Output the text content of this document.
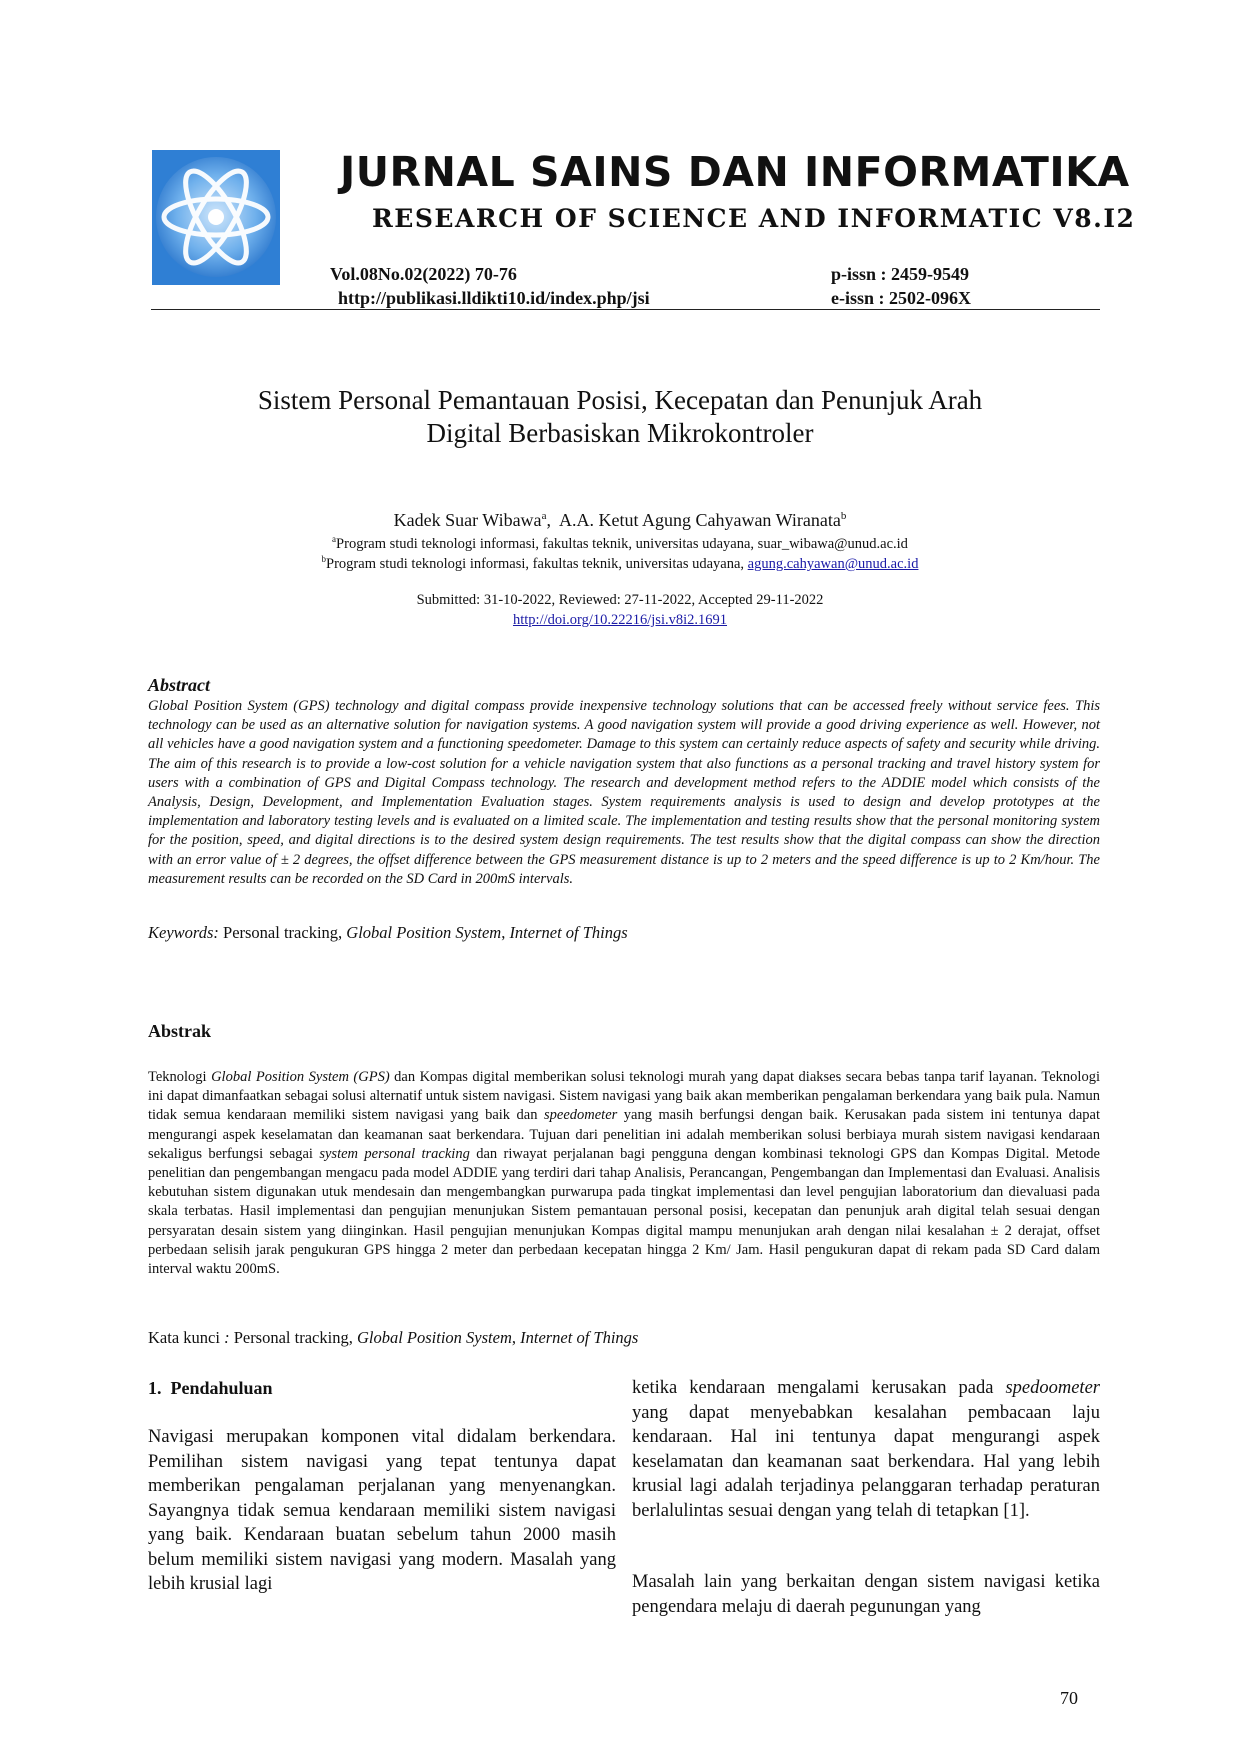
JURNAL SAINS DAN INFORMATIKA
RESEARCH OF SCIENCE AND INFORMATIC V8.I2
Vol.08No.02(2022) 70-76
http://publikasi.lldikti10.id/index.php/jsi
p-issn : 2459-9549
e-issn : 2502-096X
Sistem Personal Pemantauan Posisi, Kecepatan dan Penunjuk Arah
Digital Berbasiskan Mikrokontroler
Kadek Suar Wibawa$^a$,  A.A. Ketut Agung Cahyawan Wiranata$^b$
$^a$Program studi teknologi informasi, fakultas teknik, universitas udayana, suar_wibawa@unud.ac.id
$^b$Program studi teknologi informasi, fakultas teknik, universitas udayana, agung.cahyawan@unud.ac.id
Submitted: 31-10-2022, Reviewed: 27-11-2022, Accepted 29-11-2022
http://doi.org/10.22216/jsi.v8i2.1691
Abstract
Global Position System (GPS) technology and digital compass provide inexpensive technology solutions that can be accessed freely without service fees. This technology can be used as an alternative solution for navigation systems. A good navigation system will provide a good driving experience as well. However, not all vehicles have a good navigation system and a functioning speedometer. Damage to this system can certainly reduce aspects of safety and security while driving. The aim of this research is to provide a low-cost solution for a vehicle navigation system that also functions as a personal tracking and travel history system for users with a combination of GPS and Digital Compass technology. The research and development method refers to the ADDIE model which consists of the Analysis, Design, Development, and Implementation Evaluation stages. System requirements analysis is used to design and develop prototypes at the implementation and laboratory testing levels and is evaluated on a limited scale. The implementation and testing results show that the personal monitoring system for the position, speed, and digital directions is to the desired system design requirements. The test results show that the digital compass can show the direction with an error value of ± 2 degrees, the offset difference between the GPS measurement distance is up to 2 meters and the speed difference is up to 2 Km/hour. The measurement results can be recorded on the SD Card in 200mS intervals.
Keywords: Personal tracking, Global Position System, Internet of Things
Abstrak
Teknologi Global Position System (GPS) dan Kompas digital memberikan solusi teknologi murah yang dapat diakses secara bebas tanpa tarif layanan. Teknologi ini dapat dimanfaatkan sebagai solusi alternatif untuk sistem navigasi. Sistem navigasi yang baik akan memberikan pengalaman berkendara yang baik pula. Namun tidak semua kendaraan memiliki sistem navigasi yang baik dan speedometer yang masih berfungsi dengan baik. Kerusakan pada sistem ini tentunya dapat mengurangi aspek keselamatan dan keamanan saat berkendara. Tujuan dari penelitian ini adalah memberikan solusi berbiaya murah sistem navigasi kendaraan sekaligus berfungsi sebagai system personal tracking dan riwayat perjalanan bagi pengguna dengan kombinasi teknologi GPS dan Kompas Digital. Metode penelitian dan pengembangan mengacu pada model ADDIE yang terdiri dari tahap Analisis, Perancangan, Pengembangan dan Implementasi dan Evaluasi. Analisis kebutuhan sistem digunakan utuk mendesain dan mengembangkan purwarupa pada tingkat implementasi dan level pengujian laboratorium dan dievaluasi pada skala terbatas. Hasil implementasi dan pengujian menunjukan Sistem pemantauan personal posisi, kecepatan dan penunjuk arah digital telah sesuai dengan persyaratan desain sistem yang diinginkan. Hasil pengujian menunjukan Kompas digital mampu menunjukan arah dengan nilai kesalahan ± 2 derajat, offset perbedaan selisih jarak pengukuran GPS hingga 2 meter dan perbedaan kecepatan hingga 2 Km/ Jam. Hasil pengukuran dapat di rekam pada SD Card dalam interval waktu 200mS.
Kata kunci : Personal tracking, Global Position System, Internet of Things
1.  Pendahuluan
Navigasi merupakan komponen vital didalam berkendara. Pemilihan sistem navigasi yang tepat tentunya dapat memberikan pengalaman perjalanan yang menyenangkan. Sayangnya tidak semua kendaraan memiliki sistem navigasi yang baik. Kendaraan buatan sebelum tahun 2000 masih belum memiliki sistem navigasi yang modern. Masalah yang lebih krusial lagi
ketika kendaraan mengalami kerusakan pada spedoometer yang dapat menyebabkan kesalahan pembacaan laju kendaraan. Hal ini tentunya dapat mengurangi aspek keselamatan dan keamanan saat berkendara. Hal yang lebih krusial lagi adalah terjadinya pelanggaran terhadap peraturan berlalulintas sesuai dengan yang telah di tetapkan [1].
Masalah lain yang berkaitan dengan sistem navigasi ketika pengendara melaju di daerah pegunungan yang
70
